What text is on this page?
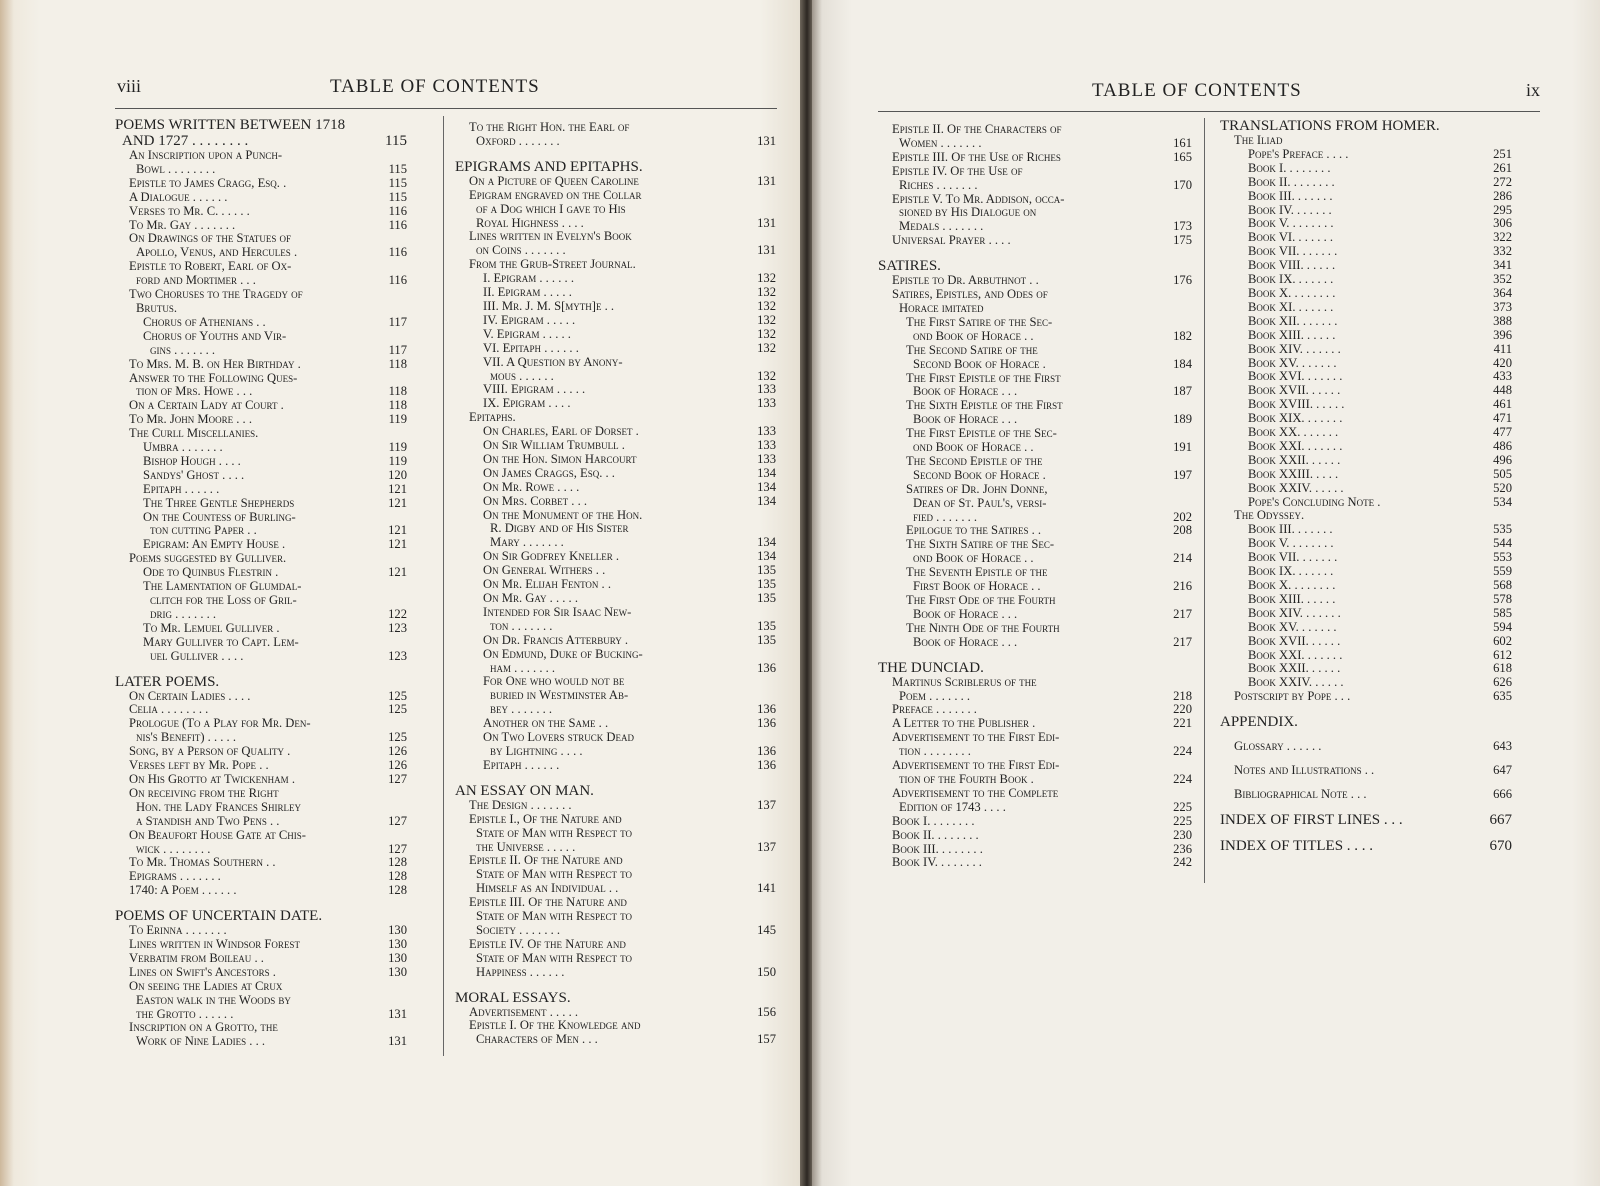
viii	TABLE OF CONTENTS
POEMS WRITTEN BETWEEN 1718
AND 1727 . . . . . . . .	115
An Inscription upon a Punch-
Bowl . . . . . . . .	115
Epistle to James Cragg, Esq. .	115
A Dialogue . . . . . .	115
Verses to Mr. C. . . . . .	116
To Mr. Gay . . . . . . .	116
On Drawings of the Statues of
Apollo, Venus, and Hercules .	116
Epistle to Robert, Earl of Ox-
ford and Mortimer . . .	116
Two Choruses to the Tragedy of
Brutus.
Chorus of Athenians . .	117
Chorus of Youths and Vir-
gins . . . . . . .	117
To Mrs. M. B. on Her Birthday .	118
Answer to the Following Ques-
tion of Mrs. Howe . . .	118
On a Certain Lady at Court .	118
To Mr. John Moore . . .	119
The Curll Miscellanies.
Umbra . . . . . . .	119
Bishop Hough . . . .	119
Sandys' Ghost . . . .	120
Epitaph . . . . . .	121
The Three Gentle Shepherds	121
On the Countess of Burling-
ton cutting Paper . .	121
Epigram: An Empty House .	121
Poems suggested by Gulliver.
Ode to Quinbus Flestrin .	121
The Lamentation of Glumdal-
clitch for the Loss of Gril-
drig . . . . . . .	122
To Mr. Lemuel Gulliver .	123
Mary Gulliver to Capt. Lem-
uel Gulliver . . . .	123
LATER POEMS.
On Certain Ladies . . . .	125
Celia . . . . . . . .	125
Prologue (To a Play for Mr. Den-
nis's Benefit) . . . . .	125
Song, by a Person of Quality .	126
Verses left by Mr. Pope . .	126
On His Grotto at Twickenham .	127
On receiving from the Right
Hon. the Lady Frances Shirley
a Standish and Two Pens . .	127
On Beaufort House Gate at Chis-
wick . . . . . . . .	127
To Mr. Thomas Southern . .	128
Epigrams . . . . . . .	128
1740: A Poem . . . . . .	128
POEMS OF UNCERTAIN DATE.
To Erinna . . . . . . .	130
Lines written in Windsor Forest	130
Verbatim from Boileau . .	130
Lines on Swift's Ancestors .	130
On seeing the Ladies at Crux
Easton walk in the Woods by
the Grotto . . . . . .	131
Inscription on a Grotto, the
Work of Nine Ladies . . .	131
To the Right Hon. the Earl of
Oxford . . . . . . .	131
EPIGRAMS AND EPITAPHS.
On a Picture of Queen Caroline	131
Epigram engraved on the Collar
of a Dog which I gave to His
Royal Highness . . . .	131
Lines written in Evelyn's Book
on Coins . . . . . . .	131
From the Grub-Street Journal.
I. Epigram . . . . . .	132
II. Epigram . . . . .	132
III. Mr. J. M. S[myth]e . .	132
IV. Epigram . . . . .	132
V. Epigram . . . . .	132
VI. Epitaph . . . . . .	132
VII. A Question by Anony-
mous . . . . . .	132
VIII. Epigram . . . . .	133
IX. Epigram . . . .	133
Epitaphs.
On Charles, Earl of Dorset .	133
On Sir William Trumbull .	133
On the Hon. Simon Harcourt	133
On James Craggs, Esq. . .	134
On Mr. Rowe . . . .	134
On Mrs. Corbet . . .	134
On the Monument of the Hon.
R. Digby and of His Sister
Mary . . . . . . .	134
On Sir Godfrey Kneller .	134
On General Withers . .	135
On Mr. Elijah Fenton . .	135
On Mr. Gay . . . . .	135
Intended for Sir Isaac New-
ton . . . . . . .	135
On Dr. Francis Atterbury .	135
On Edmund, Duke of Bucking-
ham . . . . . . .	136
For One who would not be
buried in Westminster Ab-
bey . . . . . . .	136
Another on the Same . .	136
On Two Lovers struck Dead
by Lightning . . . .	136
Epitaph . . . . . .	136
AN ESSAY ON MAN.
The Design . . . . . . .	137
Epistle I., Of the Nature and
State of Man with Respect to
the Universe . . . . .	137
Epistle II. Of the Nature and
State of Man with Respect to
Himself as an Individual . .	141
Epistle III. Of the Nature and
State of Man with Respect to
Society . . . . . . .	145
Epistle IV. Of the Nature and
State of Man with Respect to
Happiness . . . . . .	150
MORAL ESSAYS.
Advertisement . . . . .	156
Epistle I. Of the Knowledge and
Characters of Men . . .	157
TABLE OF CONTENTS	ix
Epistle II. Of the Characters of
Women . . . . . . .	161
Epistle III. Of the Use of Riches	165
Epistle IV. Of the Use of
Riches . . . . . . .	170
Epistle V. To Mr. Addison, occa-
sioned by His Dialogue on
Medals . . . . . . .	173
Universal Prayer . . . .	175
SATIRES.
Epistle to Dr. Arbuthnot . .	176
Satires, Epistles, and Odes of
Horace imitated
The First Satire of the Sec-
ond Book of Horace . .	182
The Second Satire of the
Second Book of Horace .	184
The First Epistle of the First
Book of Horace . . .	187
The Sixth Epistle of the First
Book of Horace . . .	189
The First Epistle of the Sec-
ond Book of Horace . .	191
The Second Epistle of the
Second Book of Horace .	197
Satires of Dr. John Donne,
Dean of St. Paul's, versi-
fied . . . . . . .	202
Epilogue to the Satires . .	208
The Sixth Satire of the Sec-
ond Book of Horace . .	214
The Seventh Epistle of the
First Book of Horace . .	216
The First Ode of the Fourth
Book of Horace . . .	217
The Ninth Ode of the Fourth
Book of Horace . . .	217
THE DUNCIAD.
Martinus Scriblerus of the
Poem . . . . . . .	218
Preface . . . . . . .	220
A Letter to the Publisher .	221
Advertisement to the First Edi-
tion . . . . . . . .	224
Advertisement to the First Edi-
tion of the Fourth Book .	224
Advertisement to the Complete
Edition of 1743 . . . .	225
Book I. . . . . . . .	225
Book II. . . . . . . .	230
Book III. . . . . . . .	236
Book IV. . . . . . . .	242
TRANSLATIONS FROM HOMER.
The Iliad
Pope's Preface . . . .	251
Book I. . . . . . . .	261
Book II. . . . . . . .	272
Book III. . . . . . .	286
Book IV. . . . . . .	295
Book V. . . . . . . .	306
Book VI. . . . . . .	322
Book VII. . . . . . .	332
Book VIII. . . . . .	341
Book IX. . . . . . .	352
Book X. . . . . . . .	364
Book XI. . . . . . .	373
Book XII. . . . . . .	388
Book XIII. . . . . .	396
Book XIV. . . . . . .	411
Book XV. . . . . . .	420
Book XVI. . . . . . .	433
Book XVII. . . . . .	448
Book XVIII. . . . . .	461
Book XIX. . . . . . .	471
Book XX. . . . . . .	477
Book XXI. . . . . . .	486
Book XXII. . . . . .	496
Book XXIII. . . . .	505
Book XXIV. . . . . .	520
Pope's Concluding Note .	534
The Odyssey.
Book III. . . . . . .	535
Book V. . . . . . . .	544
Book VII. . . . . . .	553
Book IX. . . . . . .	559
Book X. . . . . . . .	568
Book XIII. . . . . .	578
Book XIV. . . . . . .	585
Book XV. . . . . . .	594
Book XVII. . . . . .	602
Book XXI. . . . . . .	612
Book XXII. . . . . .	618
Book XXIV. . . . . .	626
Postscript by Pope . . .	635
APPENDIX.
Glossary . . . . . .	643
Notes and Illustrations . .	647
Bibliographical Note . . .	666
INDEX OF FIRST LINES . . .	667
INDEX OF TITLES . . . .	670
